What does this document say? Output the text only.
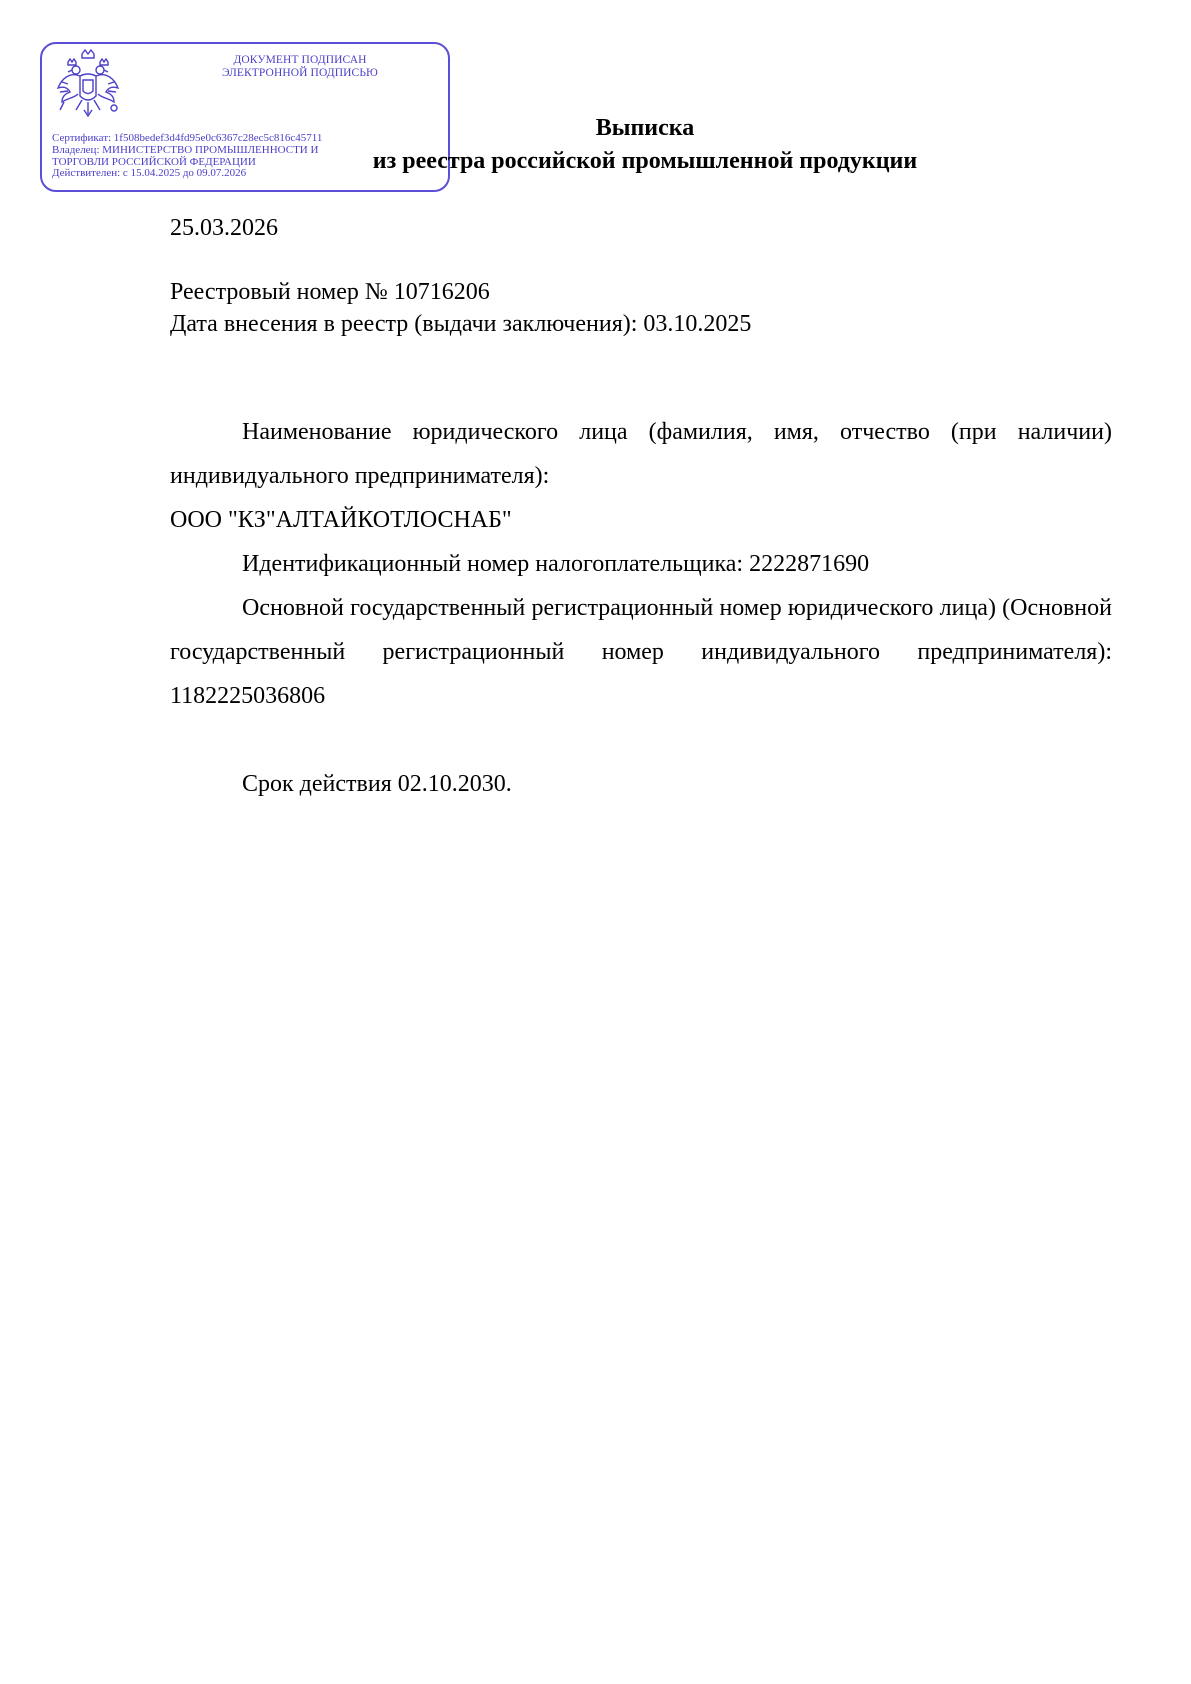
ДОКУМЕНТ ПОДПИСАН
ЭЛЕКТРОННОЙ ПОДПИСЬЮ
Сертификат: 1f508bedef3d4fd95e0c6367c28ec5c816c45711
Владелец: МИНИСТЕРСТВО ПРОМЫШЛЕННОСТИ И
ТОРГОВЛИ РОССИЙСКОЙ ФЕДЕРАЦИИ
Действителен: с 15.04.2025 до 09.07.2026
Выписка
из реестра российской промышленной продукции
25.03.2026
Реестровый номер № 10716206
Дата внесения в реестр (выдачи заключения): 03.10.2025
Наименование юридического лица (фамилия, имя, отчество (при наличии) индивидуального предпринимателя):
ООО "КЗ"АЛТАЙКОТЛОСНАБ"
Идентификационный номер налогоплательщика: 2222871690
Основной государственный регистрационный номер юридического лица) (Основной государственный регистрационный номер индивидуального предпринимателя): 1182225036806
Срок действия 02.10.2030.
